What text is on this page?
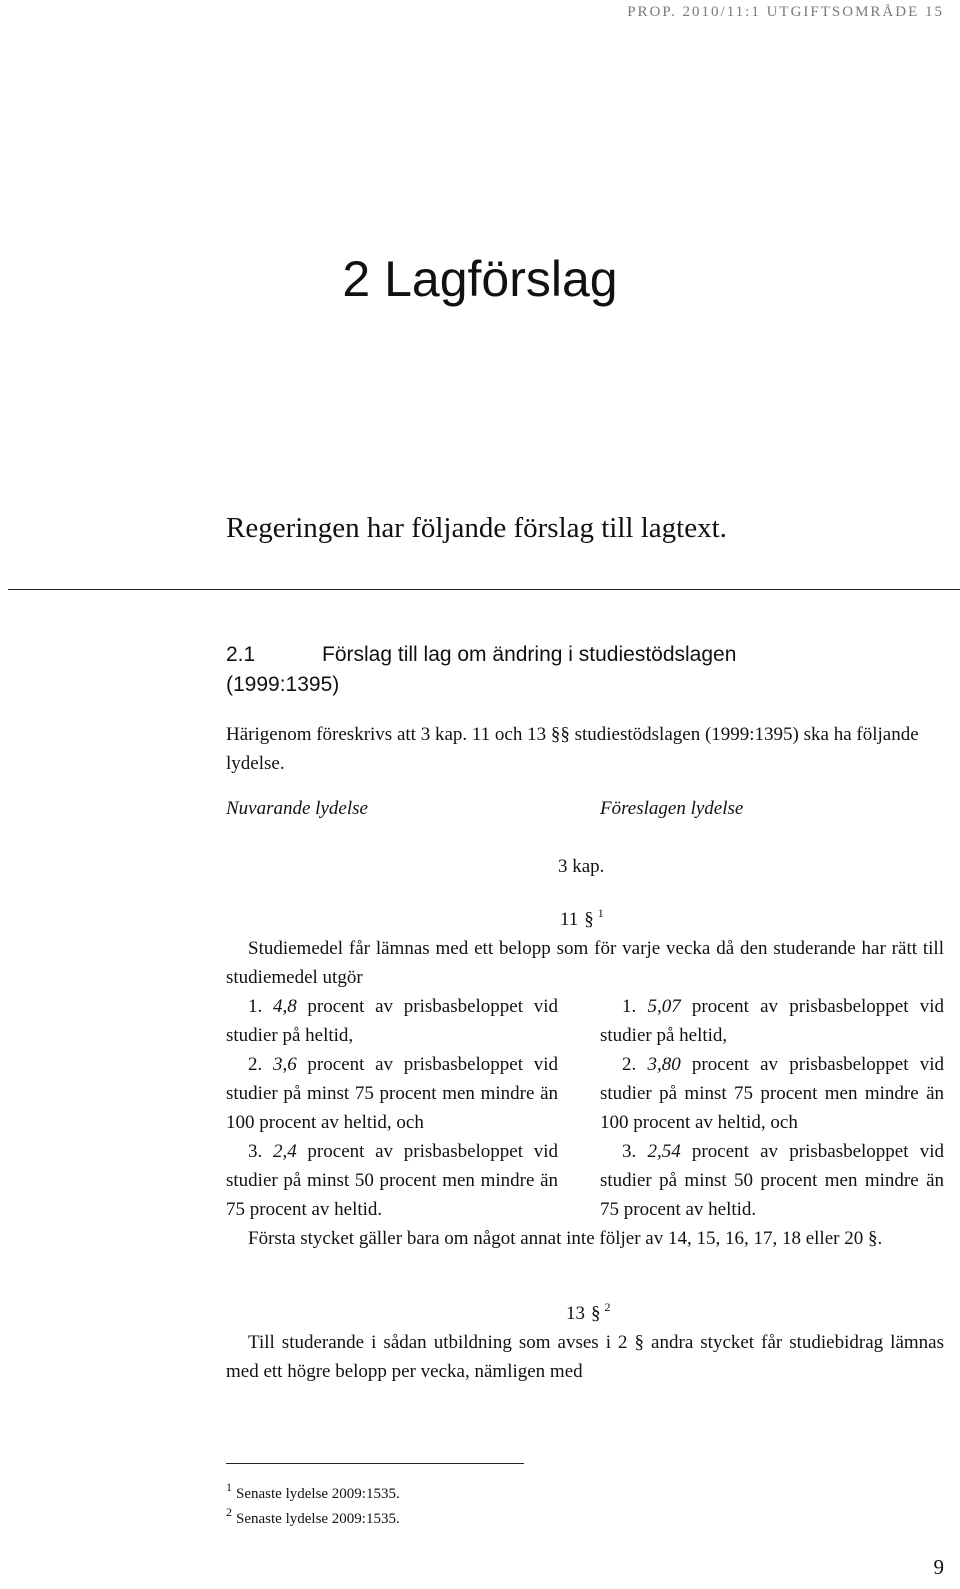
PROP. 2010/11:1 UTGIFTSOMRÅDE 15
2 Lagförslag

Regeringen har följande förslag till lagtext.

2.1	Förslag till lag om ändring i studiestödslagen
(1999:1395)

Härigenom föreskrivs att 3 kap. 11 och 13 §§ studiestödslagen (1999:1395) ska ha följande lydelse.

Nuvarande lydelse	Föreslagen lydelse
3 kap.
11 § $^1$

Studiemedel får lämnas med ett belopp som för varje vecka då den studerande har rätt till studiemedel utgör

1. 4,8 procent av prisbasbeloppet vid studier på heltid,

2. 3,6 procent av prisbasbeloppet vid studier på minst 75 procent men mindre än 100 procent av heltid, och

3. 2,4 procent av prisbasbeloppet vid studier på minst 50 procent men mindre än 75 procent av heltid.

1. 5,07 procent av prisbasbeloppet vid studier på heltid,

2. 3,80 procent av prisbasbeloppet vid studier på minst 75 procent men mindre än 100 procent av heltid, och

3. 2,54 procent av prisbasbeloppet vid studier på minst 50 procent men mindre än 75 procent av heltid.

Första stycket gäller bara om något annat inte följer av 14, 15, 16, 17, 18 eller 20 §.

13 § $^2$

Till studerande i sådan utbildning som avses i 2 § andra stycket får studiebidrag lämnas med ett högre belopp per vecka, nämligen med

$^1$ Senaste lydelse 2009:1535.
$^2$ Senaste lydelse 2009:1535.
9
